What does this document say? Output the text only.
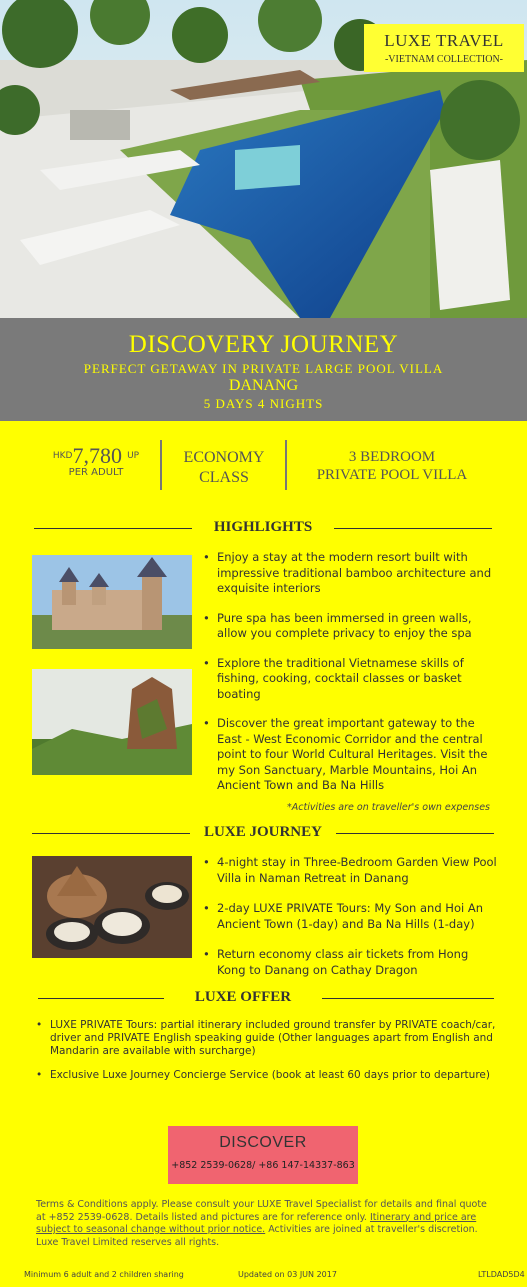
LUXE TRAVEL
-VIETNAM COLLECTION-
DISCOVERY JOURNEY
PERFECT GETAWAY IN PRIVATE LARGE POOL VILLA
DANANG
5 DAYS 4 NIGHTS
$^{HKD}$7,780 $^{UP}$
PER ADULT
ECONOMY
CLASS
3 BEDROOM
PRIVATE POOL VILLA
HIGHLIGHTS
• Enjoy a stay at the modern resort built with impressive traditional bamboo architecture and exquisite interiors
• Pure spa has been immersed in green walls, allow you complete privacy to enjoy the spa
• Explore the traditional Vietnamese skills of fishing, cooking, cocktail classes or basket boating
• Discover the great important gateway to the East - West Economic Corridor and the central point to four World Cultural Heritages. Visit the my Son Sanctuary, Marble Mountains, Hoi An Ancient Town and Ba Na Hills
*Activities are on traveller's own expenses
LUXE JOURNEY
• 4-night stay in Three-Bedroom Garden View Pool Villa in Naman Retreat in Danang
• 2-day LUXE PRIVATE Tours: My Son and Hoi An Ancient Town (1-day) and Ba Na Hills (1-day)
• Return economy class air tickets from Hong Kong to Danang on Cathay Dragon
LUXE OFFER
• LUXE PRIVATE Tours: partial itinerary included ground transfer by PRIVATE coach/car, driver and PRIVATE English speaking guide (Other languages apart from English and Mandarin are available with surcharge)
• Exclusive Luxe Journey Concierge Service (book at least 60 days prior to departure)
DISCOVER
+852 2539-0628/ +86 147-14337-863
Terms & Conditions apply. Please consult your LUXE Travel Specialist for details and final quote at +852 2539-0628. Details listed and pictures are for reference only. Itinerary and price are subject to seasonal change without prior notice. Activities are joined at traveller's discretion. Luxe Travel Limited reserves all rights.
Minimum 6 adult and 2 children sharing	Updated on 03 JUN 2017	LTLDAD5D4
